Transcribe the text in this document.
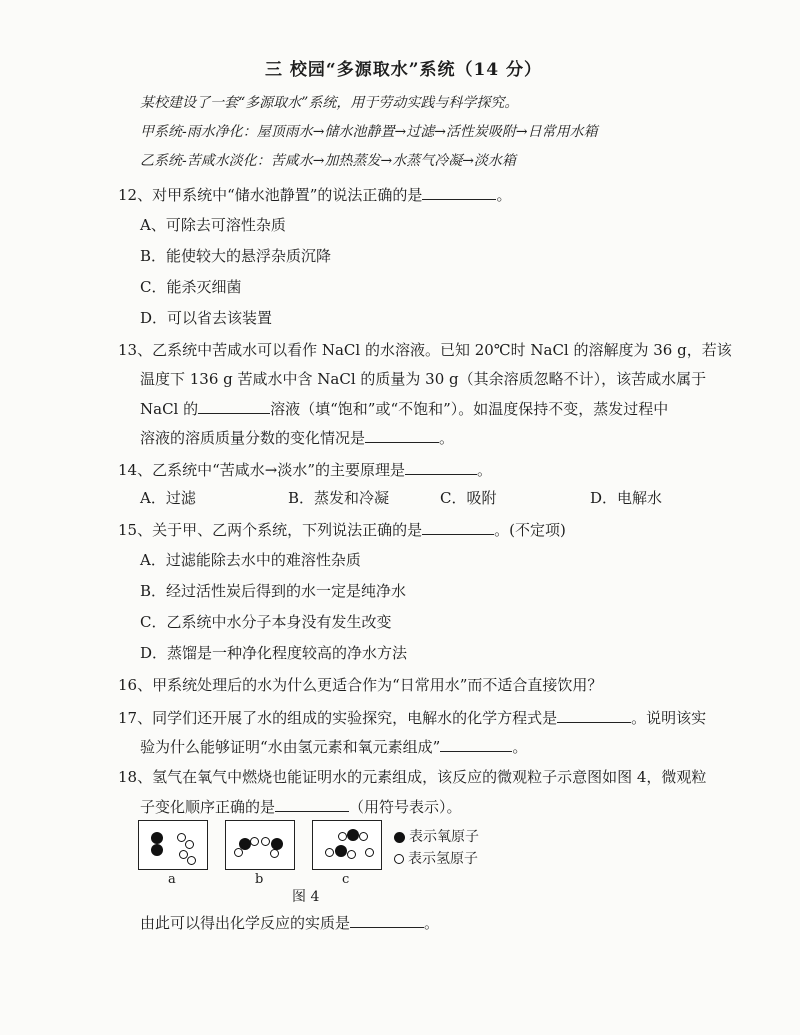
三 校园“多源取水”系统（14 分）
某校建设了一套“多源取水”系统，用于劳动实践与科学探究。
甲系统-雨水净化：屋顶雨水→储水池静置→过滤→活性炭吸附→日常用水箱
乙系统-苦咸水淡化：苦咸水→加热蒸发→水蒸气冷凝→淡水箱
12、对甲系统中“储水池静置”的说法正确的是	。
A、可除去可溶性杂质
B．能使较大的悬浮杂质沉降
C．能杀灭细菌
D．可以省去该装置
13、乙系统中苦咸水可以看作 NaCl 的水溶液。已知 20℃时 NaCl 的溶解度为 36 g，若该
温度下 136 g 苦咸水中含 NaCl 的质量为 30 g（其余溶质忽略不计），该苦咸水属于
NaCl 的	溶液（填“饱和”或“不饱和”）。如温度保持不变，蒸发过程中
溶液的溶质质量分数的变化情况是	。
14、乙系统中“苦咸水→淡水”的主要原理是	。
A．过滤	B．蒸发和冷凝	C．吸附	D．电解水
15、关于甲、乙两个系统，下列说法正确的是	。(不定项)
A．过滤能除去水中的难溶性杂质
B．经过活性炭后得到的水一定是纯净水
C．乙系统中水分子本身没有发生改变
D．蒸馏是一种净化程度较高的净水方法
16、甲系统处理后的水为什么更适合作为“日常用水”而不适合直接饮用？
17、同学们还开展了水的组成的实验探究，电解水的化学方程式是	。说明该实
验为什么能够证明“水由氢元素和氧元素组成”	。
18、氢气在氧气中燃烧也能证明水的元素组成，该反应的微观粒子示意图如图 4，微观粒
子变化顺序正确的是	（用符号表示）。
表示氧原子
表示氢原子
a	b	c
图 4
由此可以得出化学反应的实质是	。
